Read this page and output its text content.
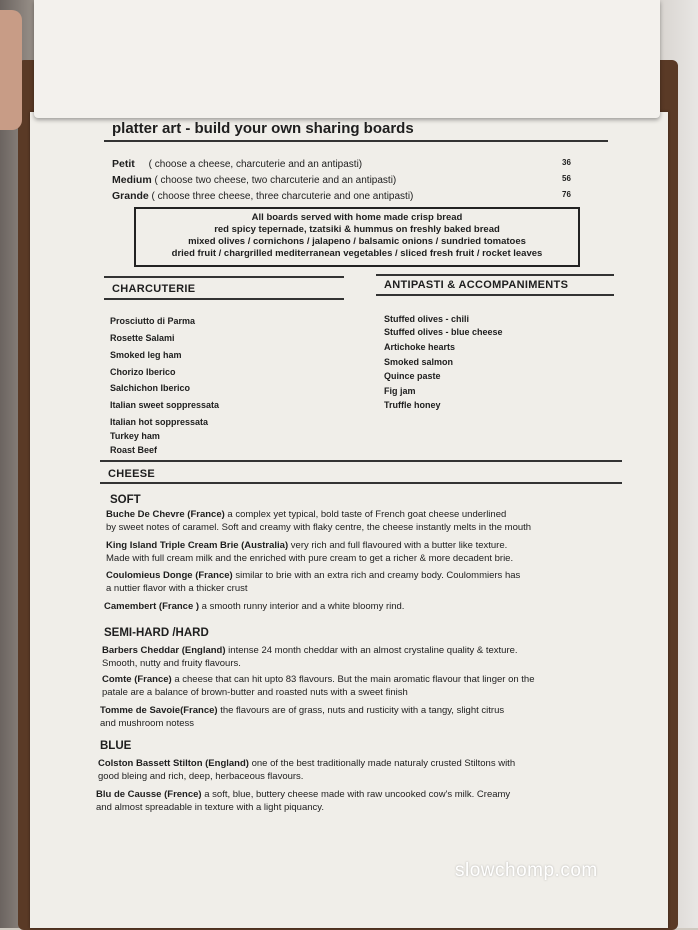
platter art - build your own sharing boards
Petit ( choose a cheese, charcuterie and an antipasti)	36
Medium ( choose two cheese, two charcuterie and an antipasti)	56
Grande ( choose three cheese, three charcuterie and one antipasti)	76
All boards served with home made crisp bread
red spicy tepernade, tzatsiki & hummus on freshly baked bread
mixed olives / cornichons / jalapeno / balsamic onions / sundried tomatoes
dried fruit / chargrilled mediterranean vegetables / sliced fresh fruit / rocket leaves
CHARCUTERIE
Prosciutto di Parma
Rosette Salami
Smoked leg ham
Chorizo Iberico
Salchichon Iberico
Italian sweet soppressata
Italian hot soppressata
Turkey ham
Roast Beef
ANTIPASTI & ACCOMPANIMENTS
Stuffed olives - chili
Stuffed olives - blue cheese
Artichoke hearts
Smoked salmon
Quince paste
Fig jam
Truffle honey
CHEESE
SOFT
Buche De Chevre (France) a complex yet typical, bold taste of French goat cheese underlined
by sweet notes of caramel. Soft and creamy with flaky centre, the cheese instantly melts in the mouth
King Island Triple Cream Brie (Australia) very rich and full flavoured with a butter like texture.
Made with full cream milk and the enriched with pure cream to get a richer & more decadent brie.
Coulomieus Donge (France) similar to brie with an extra rich and creamy body. Coulommiers has
a nuttier flavor with a thicker crust
Camembert (France ) a smooth runny interior and a white bloomy rind.
SEMI-HARD /HARD
Barbers Cheddar (England) intense 24 month cheddar with an almost crystaline quality & texture.
Smooth, nutty and fruity flavours.
Comte (France) a cheese that can hit upto 83 flavours. But the main aromatic flavour that linger on the
patale are a balance of brown-butter and roasted nuts with a sweet finish
Tomme de Savoie(France) the flavours are of grass, nuts and rusticity with a tangy, slight citrus
and mushroom notess
BLUE
Colston Bassett Stilton (England) one of the best traditionally made naturaly crusted Stiltons with
good bleing and rich, deep, herbaceous flavours.
Blu de Causse (Frence) a soft, blue, buttery cheese made with raw uncooked cow's milk. Creamy
and almost spreadable in texture with a light piquancy.
slowchomp.com
